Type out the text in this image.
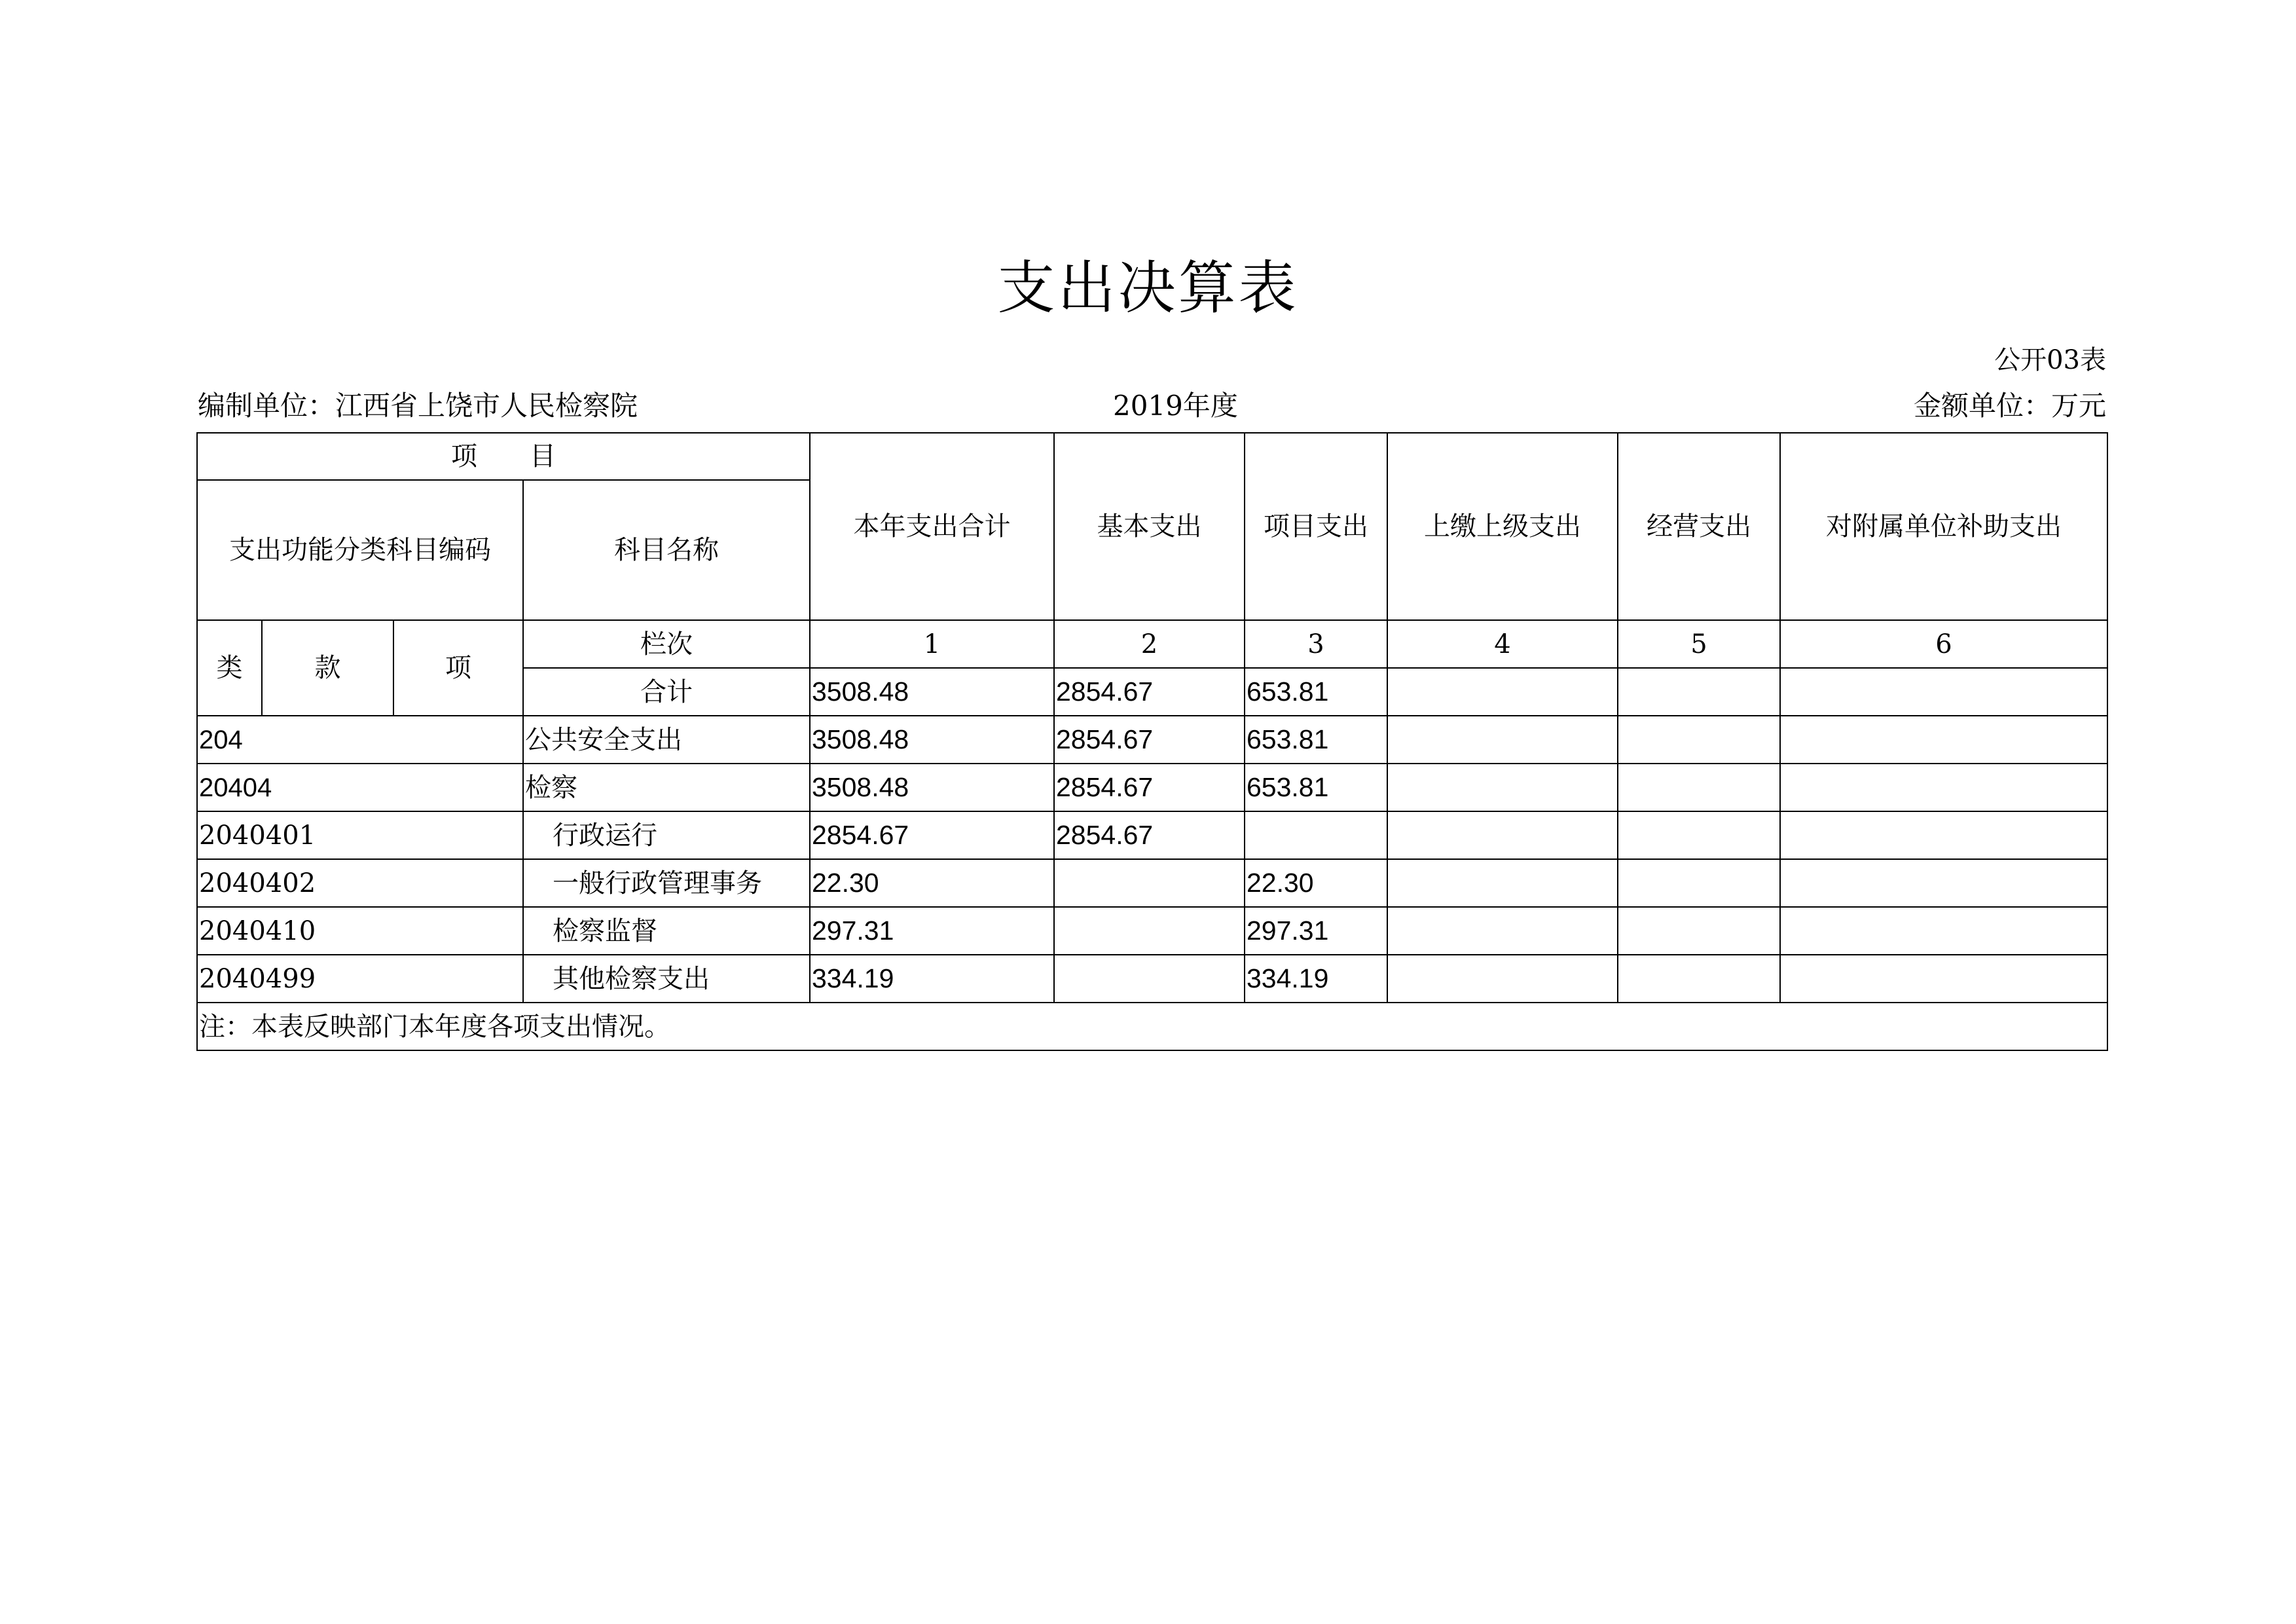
支出决算表
公开03表
编制单位：江西省上饶市人民检察院	2019年度	金额单位：万元
项　　目				本年支出合计	基本支出	项目支出	上缴上级支出	经营支出	对附属单位补助支出
支出功能分类科目编码			科目名称						
类	款	项	栏次	1	2	3	4	5	6
			合计	3508.48	2854.67	653.81			
204			公共安全支出	3508.48	2854.67	653.81			
20404			检察	3508.48	2854.67	653.81			
2040401			行政运行	2854.67	2854.67				
2040402			一般行政管理事务	22.30		22.30			
2040410			检察监督	297.31		297.31			
2040499			其他检察支出	334.19		334.19			
注：本表反映部门本年度各项支出情况。									
